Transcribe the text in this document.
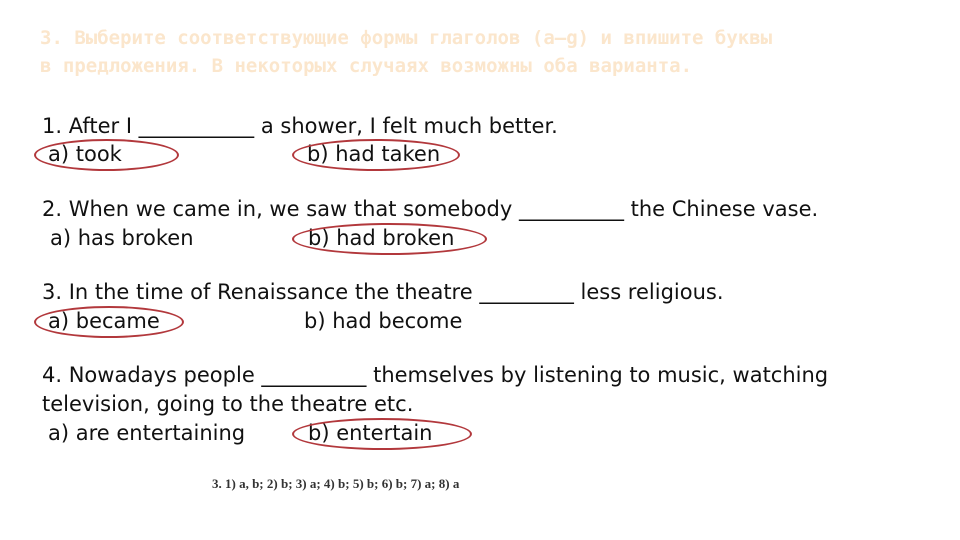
3. Выберите соответствующие формы глаголов (a–g) и впишите буквы
в предложения. В некоторых случаях возможны оба варианта.
1. After I ___________ a shower, I felt much better.
a) took	b) had taken
2. When we came in, we saw that somebody __________ the Chinese vase.
a) has broken	b) had broken
3. In the time of Renaissance the theatre _________ less religious.
a) became	b) had become
4. Nowadays people __________ themselves by listening to music, watching
television, going to the theatre etc.
a) are entertaining	b) entertain
3. 1) a, b; 2) b; 3) a; 4) b; 5) b; 6) b; 7) a; 8) a
